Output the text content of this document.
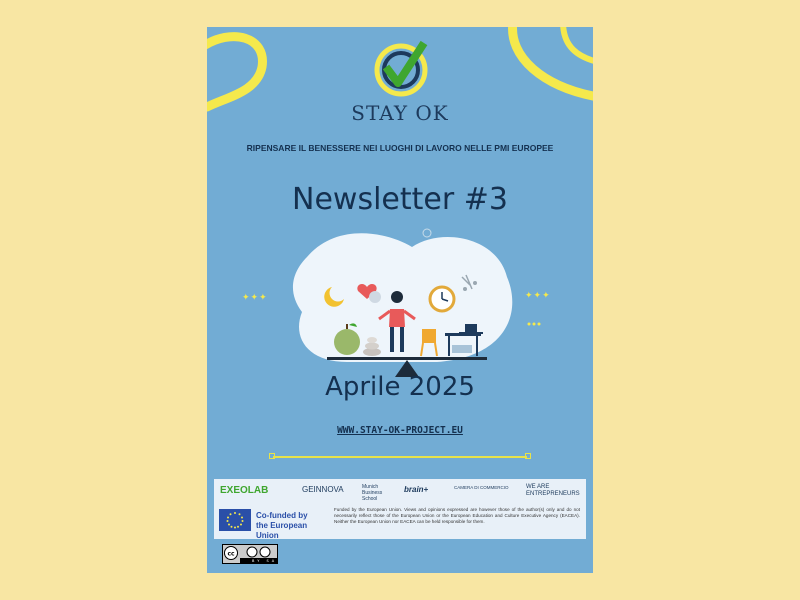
STAY OK
RIPENSARE IL BENESSERE NEI LUOGHI DI LAVORO NELLE PMI EUROPEE
Newsletter #3
✦✦✦	✦✦✦
Aprile 2025
WWW.STAY-OK-PROJECT.EU
EXEOLAB	GEINNOVA	Munich Business School
brain+	CAMERA DI COMMERCIO	WE ARE ENTREPRENEURS
Co-funded by
the European Union
Funded by the European Union. Views and opinions expressed are however those of the author(s) only and do not necessarily reflect those of the European Union or the European Education and Culture Executive Agency (EACEA). Neither the European Union nor EACEA can be held responsible for them.
cc
BY SA
